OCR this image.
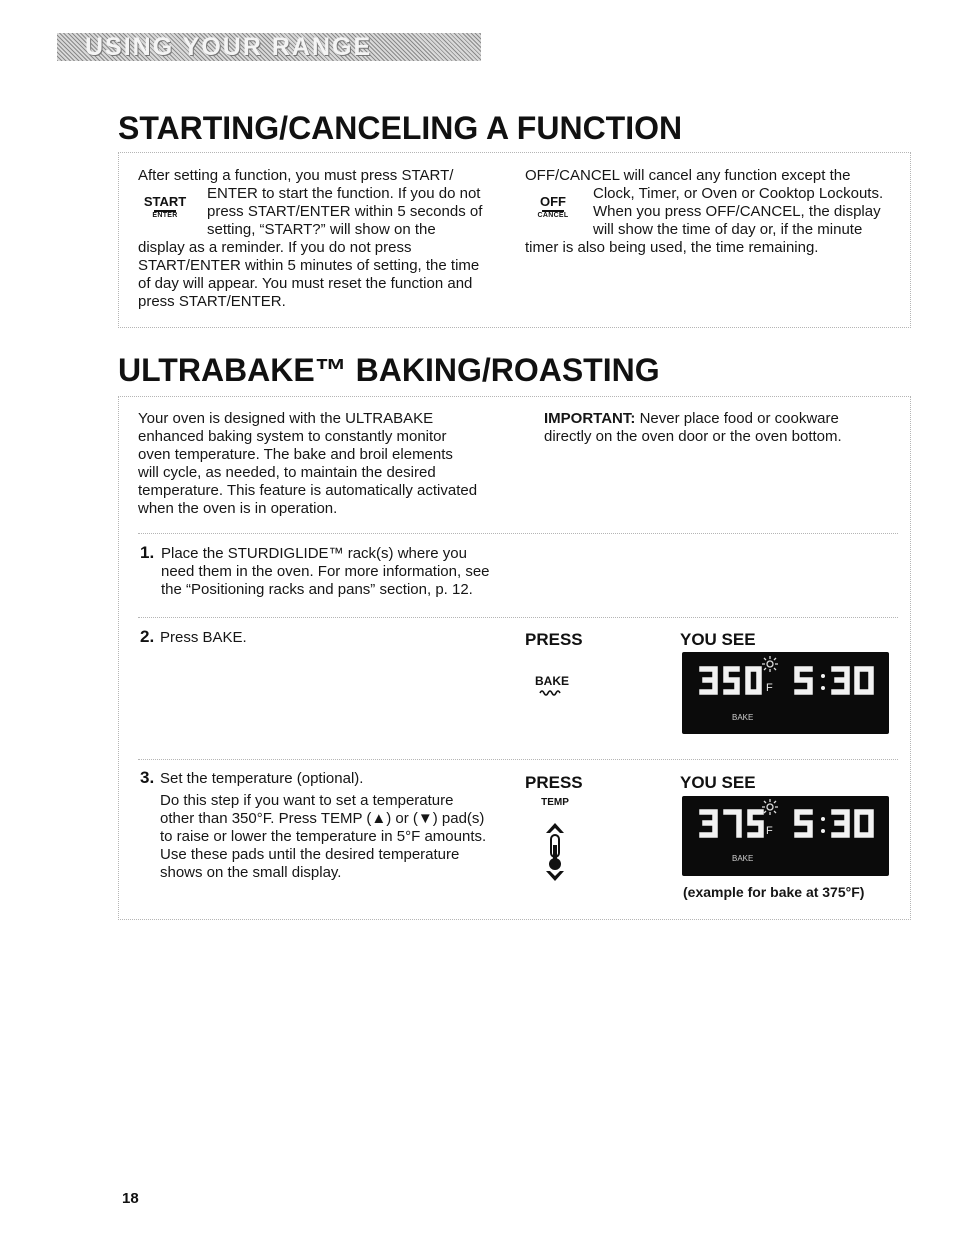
USING YOUR RANGE
STARTING/CANCELING A FUNCTION
After setting a function, you must press START/
ENTER to start the function. If you do not
press START/ENTER within 5 seconds of
setting, “START?” will show on the
display as a reminder. If you do not press
START/ENTER within 5 minutes of setting, the time
of day will appear. You must reset the function and
press START/ENTER.
START
ENTER
OFF/CANCEL will cancel any function except the
Clock, Timer, or Oven or Cooktop Lockouts.
When you press OFF/CANCEL, the display
will show the time of day or, if the minute
timer is also being used, the time remaining.
OFF
CANCEL
ULTRABAKE™ BAKING/ROASTING
Your oven is designed with the ULTRABAKE
enhanced baking system to constantly monitor
oven temperature. The bake and broil elements
will cycle, as needed, to maintain the desired
temperature. This feature is automatically activated
when the oven is in operation.
IMPORTANT: Never place food or cookware
directly on the oven door or the oven bottom.
1. Place the STURDIGLIDE™ rack(s) where you
need them in the oven. For more information, see
the “Positioning racks and pans” section, p. 12.
2. Press BAKE.	PRESS	YOU SEE
BAKE	F
BAKE
3. Set the temperature (optional).
Do this step if you want to set a temperature
other than 350°F. Press TEMP (▲) or (▼) pad(s)
to raise or lower the temperature in 5°F amounts.
Use these pads until the desired temperature
shows on the small display.
PRESS	YOU SEE
TEMP
F
BAKE
(example for bake at 375°F)
18
